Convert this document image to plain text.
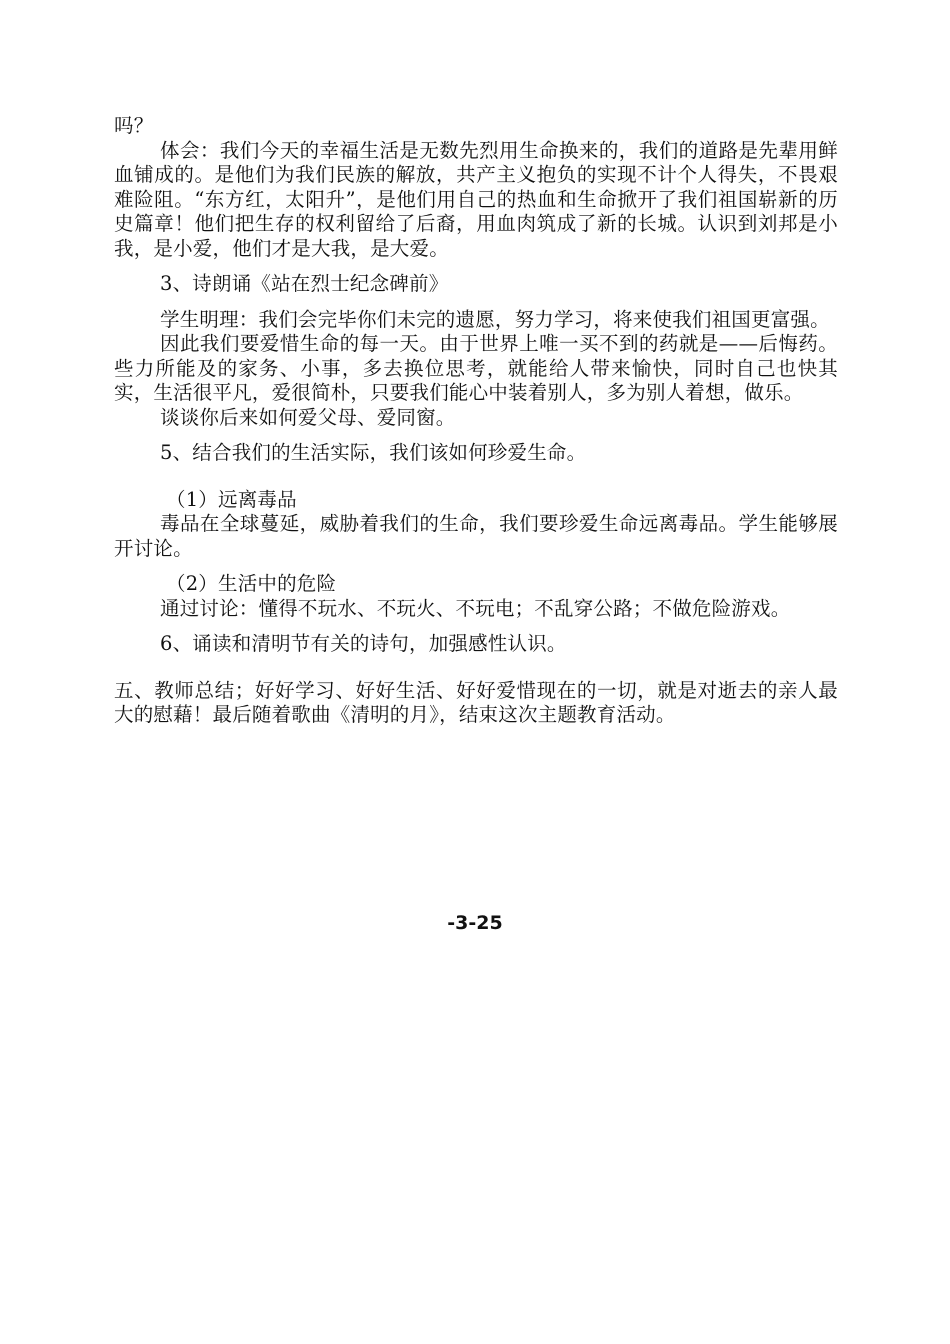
吗？

体会：我们今天的幸福生活是无数先烈用生命换来的，我们的道路是先辈用鲜血铺成的。是他们为我们民族的解放，共产主义抱负的实现不计个人得失，不畏艰难险阻。“东方红，太阳升”，是他们用自己的热血和生命掀开了我们祖国崭新的历史篇章！他们把生存的权利留给了后裔，用血肉筑成了新的长城。认识到刘邦是小我，是小爱，他们才是大我，是大爱。

3、诗朗诵《站在烈士纪念碑前》

学生明理：我们会完毕你们未完的遗愿，努力学习，将来使我们祖国更富强。

因此我们要爱惜生命的每一天。由于世界上唯一买不到的药就是——后悔药。些力所能及的家务、小事，多去换位思考，就能给人带来愉快，同时自己也快其实，生活很平凡，爱很简朴，只要我们能心中装着别人，多为别人着想，做乐。

谈谈你后来如何爱父母、爱同窗。

5、结合我们的生活实际，我们该如何珍爱生命。

（1）远离毒品

毒品在全球蔓延，威胁着我们的生命，我们要珍爱生命远离毒品。学生能够展开讨论。

（2）生活中的危险

通过讨论：懂得不玩水、不玩火、不玩电；不乱穿公路；不做危险游戏。

6、诵读和清明节有关的诗句，加强感性认识。

五、教师总结；好好学习、好好生活、好好爱惜现在的一切，就是对逝去的亲人最大的慰藉！最后随着歌曲《清明的月》，结束这次主题教育活动。

-3-25
